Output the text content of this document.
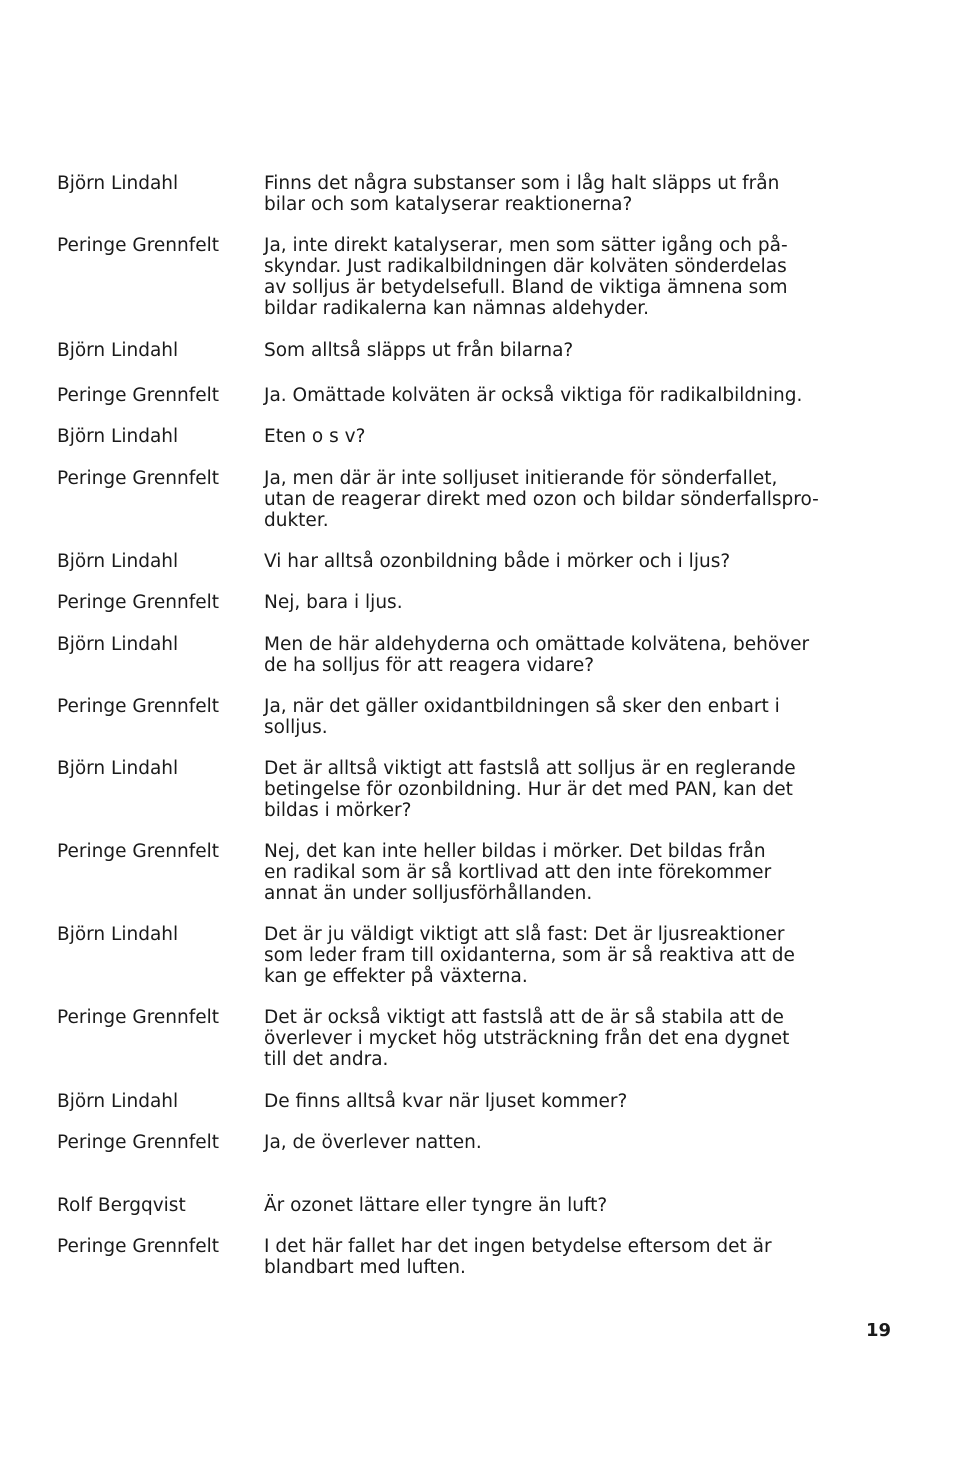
Björn Lindahl	Finns det några substanser som i låg halt släpps ut från
bilar och som katalyserar reaktionerna?
Peringe Grennfelt Ja, inte direkt katalyserar, men som sätter igång och på-
skyndar. Just radikalbildningen där kolväten sönderdelas
av solljus är betydelsefull. Bland de viktiga ämnena som
bildar radikalerna kan nämnas aldehyder.
Björn Lindahl	Som alltså släpps ut från bilarna?
Peringe Grennfelt Ja. Omättade kolväten är också viktiga för radikalbildning.
Björn Lindahl	Eten o s v?
Peringe Grennfelt Ja, men där är inte solljuset initierande för sönderfallet,
utan de reagerar direkt med ozon och bildar sönderfallspro-
dukter.
Björn Lindahl	Vi har alltså ozonbildning både i mörker och i ljus?
Peringe Grennfelt Nej, bara i ljus.
Björn Lindahl	Men de här aldehyderna och omättade kolvätena, behöver
de ha solljus för att reagera vidare?
Peringe Grennfelt Ja, när det gäller oxidantbildningen så sker den enbart i
solljus.
Björn Lindahl	Det är alltså viktigt att fastslå att solljus är en reglerande
betingelse för ozonbildning. Hur är det med PAN, kan det
bildas i mörker?
Peringe Grennfelt Nej, det kan inte heller bildas i mörker. Det bildas från
en radikal som är så kortlivad att den inte förekommer
annat än under solljusförhållanden.
Björn Lindahl	Det är ju väldigt viktigt att slå fast: Det är ljusreaktioner
som leder fram till oxidanterna, som är så reaktiva att de
kan ge effekter på växterna.
Peringe Grennfelt Det är också viktigt att fastslå att de är så stabila att de
överlever i mycket hög utsträckning från det ena dygnet
till det andra.
Björn Lindahl	De finns alltså kvar när ljuset kommer?
Peringe Grennfelt Ja, de överlever natten.
Rolf Bergqvist	Är ozonet lättare eller tyngre än luft?
Peringe Grennfelt I det här fallet har det ingen betydelse eftersom det är
blandbart med luften.
19
